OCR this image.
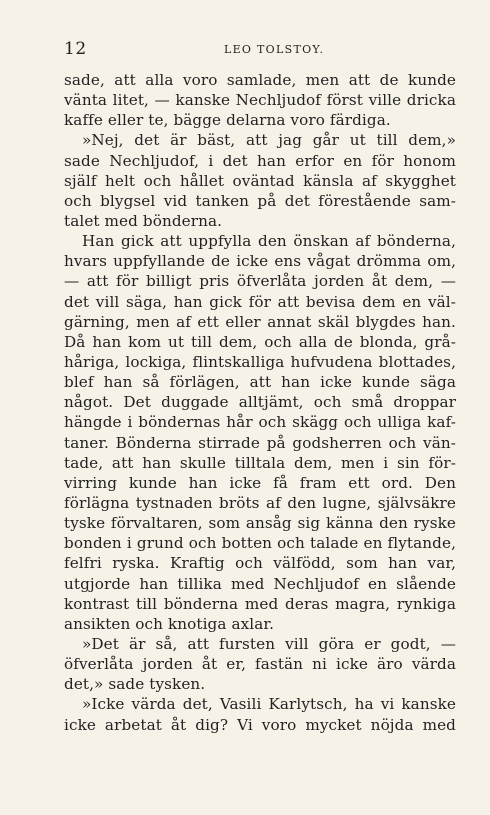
12	LEO TOLSTOY.
sade, att alla voro samlade, men att de kunde
vänta litet, — kanske Nechljudof först ville dricka
kaffe eller te, bägge delarna voro färdiga.
»Nej, det är bäst, att jag går ut till dem,»
sade Nechljudof, i det han erfor en för honom
själf helt och hållet oväntad känsla af skygghet
och blygsel vid tanken på det förestående sam-
talet med bönderna.
Han gick att uppfylla den önskan af bönderna,
hvars uppfyllande de icke ens vågat drömma om,
— att för billigt pris öfverlåta jorden åt dem, —
det vill säga, han gick för att bevisa dem en väl-
gärning, men af ett eller annat skäl blygdes han.
Då han kom ut till dem, och alla de blonda, grå-
håriga, lockiga, flintskalliga hufvudena blottades,
blef han så förlägen, att han icke kunde säga
något. Det duggade alltjämt, och små droppar
hängde i böndernas hår och skägg och ulliga kaf-
taner. Bönderna stirrade på godsherren och vän-
tade, att han skulle tilltala dem, men i sin för-
virring kunde han icke få fram ett ord. Den
förlägna tystnaden bröts af den lugne, självsäkre
tyske förvaltaren, som ansåg sig känna den ryske
bonden i grund och botten och talade en flytande,
felfri ryska. Kraftig och välfödd, som han var,
utgjorde han tillika med Nechljudof en slående
kontrast till bönderna med deras magra, rynkiga
ansikten och knotiga axlar.
»Det är så, att fursten vill göra er godt, —
öfverlåta jorden åt er, fastän ni icke äro värda
det,» sade tysken.
»Icke värda det, Vasili Karlytsch, ha vi kanske
icke arbetat åt dig? Vi voro mycket nöjda med
